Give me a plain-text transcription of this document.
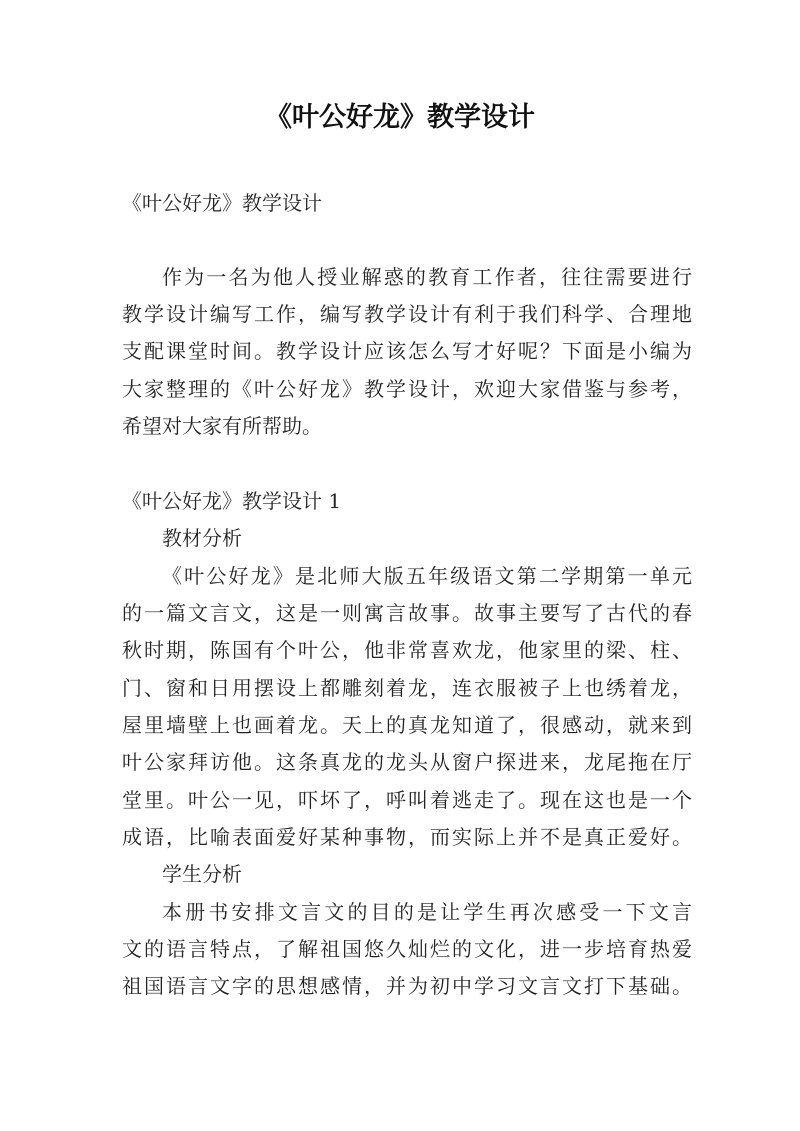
《叶公好龙》教学设计
《叶公好龙》教学设计
作为一名为他人授业解惑的教育工作者，往往需要进行
教学设计编写工作，编写教学设计有利于我们科学、合理地
支配课堂时间。教学设计应该怎么写才好呢？下面是小编为
大家整理的《叶公好龙》教学设计，欢迎大家借鉴与参考，
希望对大家有所帮助。
《叶公好龙》教学设计 1
教材分析
《叶公好龙》是北师大版五年级语文第二学期第一单元
的一篇文言文，这是一则寓言故事。故事主要写了古代的春
秋时期，陈国有个叶公，他非常喜欢龙，他家里的梁、柱、
门、窗和日用摆设上都雕刻着龙，连衣服被子上也绣着龙，
屋里墙壁上也画着龙。天上的真龙知道了，很感动，就来到
叶公家拜访他。这条真龙的龙头从窗户探进来，龙尾拖在厅
堂里。叶公一见，吓坏了，呼叫着逃走了。现在这也是一个
成语，比喻表面爱好某种事物，而实际上并不是真正爱好。
学生分析
本册书安排文言文的目的是让学生再次感受一下文言
文的语言特点，了解祖国悠久灿烂的文化，进一步培育热爱
祖国语言文字的思想感情，并为初中学习文言文打下基础。
